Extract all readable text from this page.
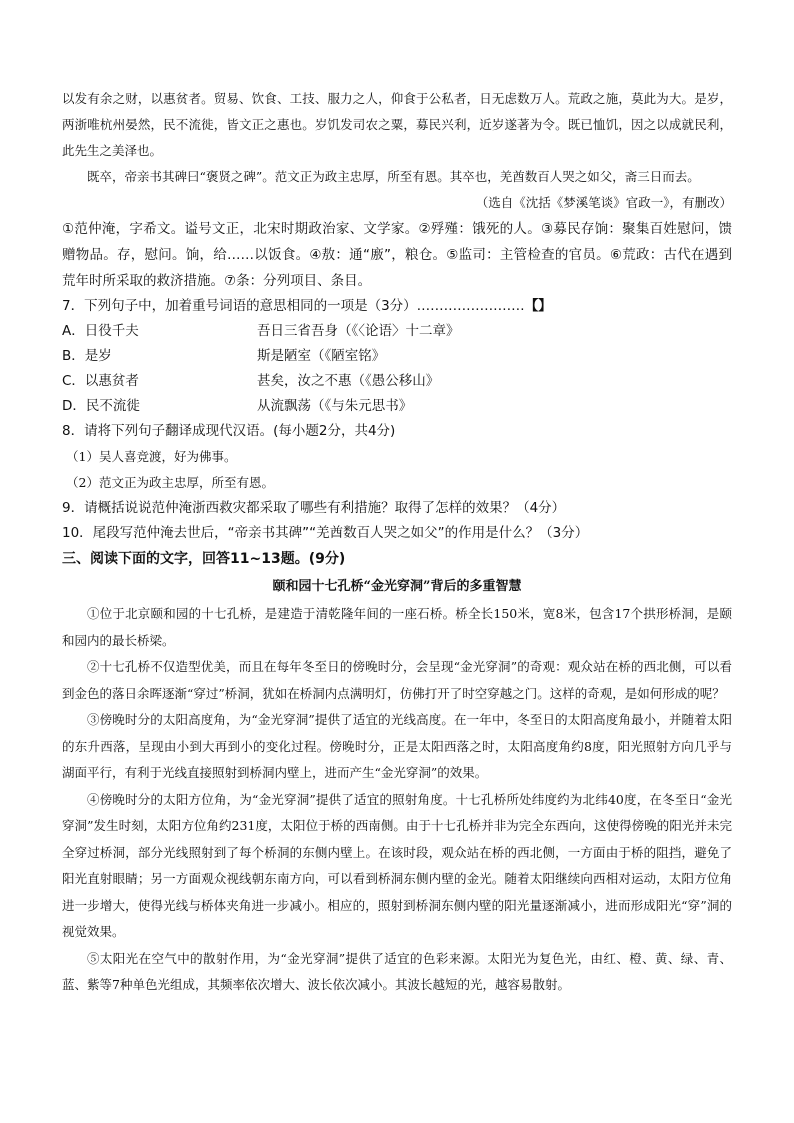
以发有余之财，以惠贫者。贸易、饮食、工技、服力之人，仰食于公私者，日无虑数万人。荒政之施，莫此为大。是岁，两浙唯杭州晏然，民不流徙，皆文正之惠也。岁饥发司农之粟，募民兴利，近岁遂著为令。既已恤饥，因之以成就民利，此先生之美泽也。

既卒，帝亲书其碑曰“褒贤之碑”。范文正为政主忠厚，所至有恩。其卒也，羌酋数百人哭之如父，斋三日而去。

（选自《沈括《梦溪笔谈》官政一》，有删改）

①范仲淹，字希文。谥号文正，北宋时期政治家、文学家。②殍殣：饿死的人。③募民存饷：聚集百姓慰问，馈赠物品。存，慰问。饷，给……以饭食。④敖：通“廒”，粮仓。⑤监司：主管检查的官员。⑥荒政：古代在遇到荒年时所采取的救济措施。⑦条：分列项目、条目。

7．下列句子中，加着重号词语的意思相同的一项是（3分）……………………【】

A．日役千夫	吾日三省吾身（《〈论语〉十二章》
B．是岁	斯是陋室（《陋室铭》
C．以惠贫者	甚矣，汝之不惠（《愚公移山》
D．民不流徙	从流飘荡（《与朱元思书》

8．请将下列句子翻译成现代汉语。(每小题2分，共4分)

（1）吴人喜竞渡，好为佛事。

（2）范文正为政主忠厚，所至有恩。

9．请概括说说范仲淹浙西救灾都采取了哪些有利措施？取得了怎样的效果？（4分）

10．尾段写范仲淹去世后，“帝亲书其碑”“羌酋数百人哭之如父”的作用是什么？（3分）

三、阅读下面的文字，回答11~13题。(9分)

颐和园十七孔桥“金光穿洞”背后的多重智慧

①位于北京颐和园的十七孔桥，是建造于清乾隆年间的一座石桥。桥全长150米，宽8米，包含17个拱形桥洞，是颐和园内的最长桥梁。

②十七孔桥不仅造型优美，而且在每年冬至日的傍晚时分，会呈现“金光穿洞”的奇观：观众站在桥的西北侧，可以看到金色的落日余晖逐渐“穿过”桥洞，犹如在桥洞内点满明灯，仿佛打开了时空穿越之门。这样的奇观，是如何形成的呢？

③傍晚时分的太阳高度角，为“金光穿洞”提供了适宜的光线高度。在一年中，冬至日的太阳高度角最小，并随着太阳的东升西落，呈现由小到大再到小的变化过程。傍晚时分，正是太阳西落之时，太阳高度角约8度，阳光照射方向几乎与湖面平行，有利于光线直接照射到桥洞内壁上，进而产生“金光穿洞”的效果。

④傍晚时分的太阳方位角，为“金光穿洞”提供了适宜的照射角度。十七孔桥所处纬度约为北纬40度，在冬至日“金光穿洞”发生时刻，太阳方位角约231度，太阳位于桥的西南侧。由于十七孔桥并非为完全东西向，这使得傍晚的阳光并未完全穿过桥洞，部分光线照射到了每个桥洞的东侧内壁上。在该时段，观众站在桥的西北侧，一方面由于桥的阻挡，避免了阳光直射眼睛；另一方面观众视线朝东南方向，可以看到桥洞东侧内壁的金光。随着太阳继续向西相对运动，太阳方位角进一步增大，使得光线与桥体夹角进一步减小。相应的，照射到桥洞东侧内壁的阳光量逐渐减小，进而形成阳光“穿”洞的视觉效果。

⑤太阳光在空气中的散射作用，为“金光穿洞”提供了适宜的色彩来源。太阳光为复色光，由红、橙、黄、绿、青、蓝、紫等7种单色光组成，其频率依次增大、波长依次减小。其波长越短的光，越容易散射。
